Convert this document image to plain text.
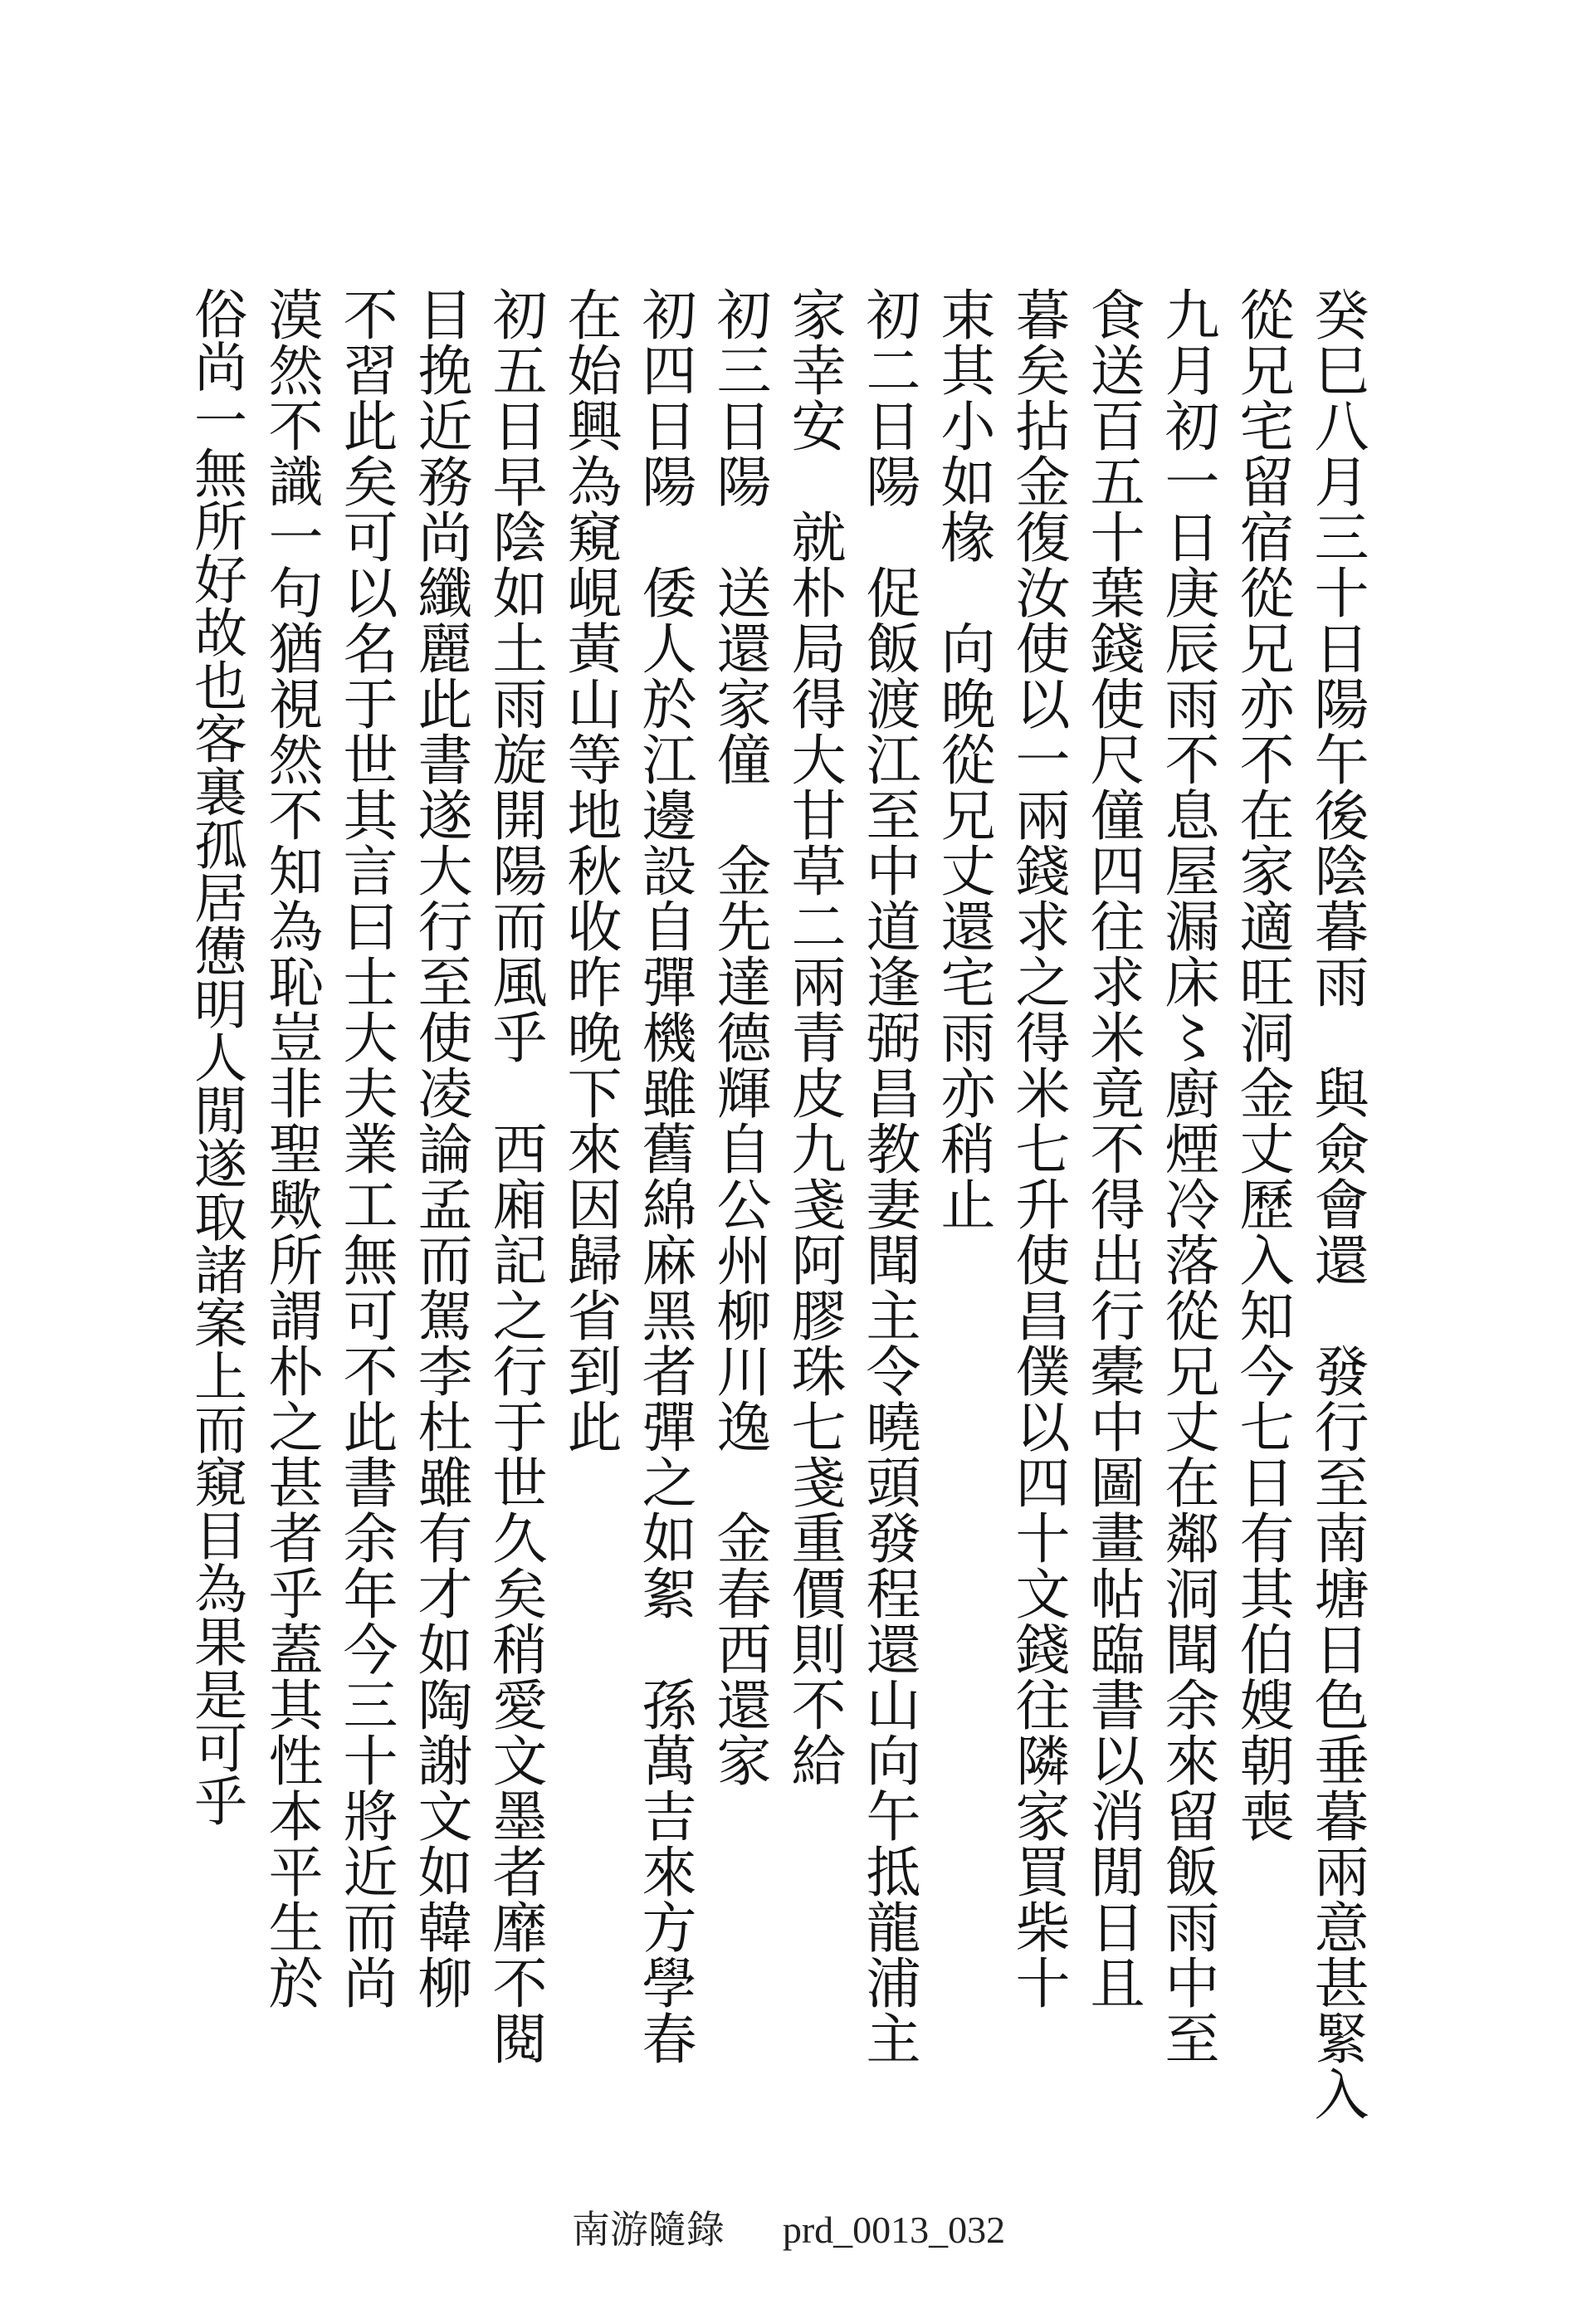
癸巳八月三十日陽午後陰暮雨　與僉會還　發行至南塘日色垂暮兩意甚緊入
從兄宅留宿從兄亦不在家適旺洞金丈歷入知今七日有其伯嫂朝喪
九月初一日庚辰雨不息屋漏床〻廚煙冷落從兄丈在鄰洞聞余來留飯雨中至
食送百五十葉錢使尺僮四往求米竟不得出行橐中圖畫帖臨書以消閒日且
暮矣拈金復汝使以一兩錢求之得米七升使昌僕以四十文錢往隣家買柴十
束其小如椽　向晚從兄丈還宅雨亦稍止
初二日陽　促飯渡江至中道逢弼昌教妻聞主令曉頭發程還山向午抵龍浦主
家幸安　就朴局得大甘草二兩青皮九戔阿膠珠七戔重價則不給
初三日陽　送還家僮　金先達德輝自公州柳川逸　金春西還家
初四日陽　倭人於江邊設自彈機雖舊綿麻黑者彈之如絮　孫萬吉來方學春
在始興為窺峴黃山等地秋收昨晚下來因歸省到此
初五日早陰如土雨旋開陽而風乎　西廂記之行于世久矣稍愛文墨者靡不閱
目挽近務尚纖麗此書遂大行至使凌論孟而駕李杜雖有才如陶謝文如韓柳
不習此矣可以名于世其言曰士大夫業工無可不此書余年今三十將近而尚
漠然不識一句猶視然不知為恥豈非聖歟所謂朴之甚者乎蓋其性本平生於
俗尚一無所好故也客裏孤居憊明人閒遂取諸案上而窺目為果是可乎
南游隨錄 prd_0013_032
